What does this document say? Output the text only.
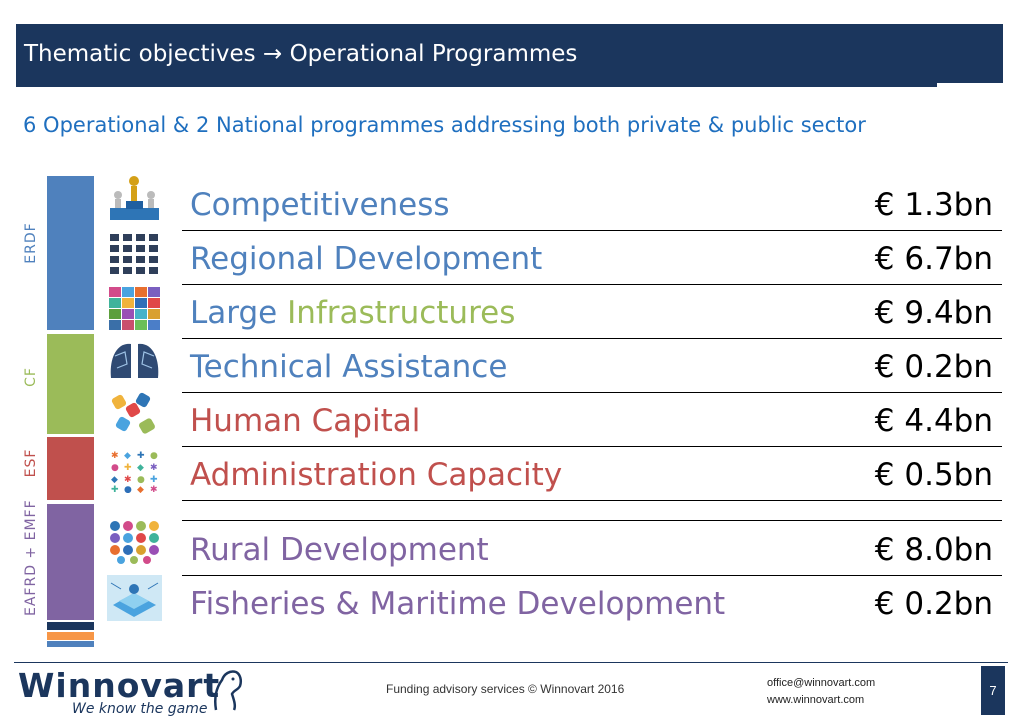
Thematic objectives → Operational Programmes
6 Operational & 2 National programmes addressing both private & public sector
ERDF
CF
ESF
EAFRD + EMFF
✱ ◆ ✚ ●
● ✚ ◆ ✱
◆ ✱ ● ✚
✚ ● ◆ ✱
Competitiveness	€ 1.3bn
Regional Development	€ 6.7bn
Large Infrastructures	€ 9.4bn
Technical Assistance	€ 0.2bn
Human Capital	€ 4.4bn
Administration Capacity	€ 0.5bn
Rural Development	€ 8.0bn
Fisheries & Maritime Development	€ 0.2bn
Winnovart
We know the game
Funding advisory services © Winnovart 2016	office@winnovart.com
www.winnovart.com
7
